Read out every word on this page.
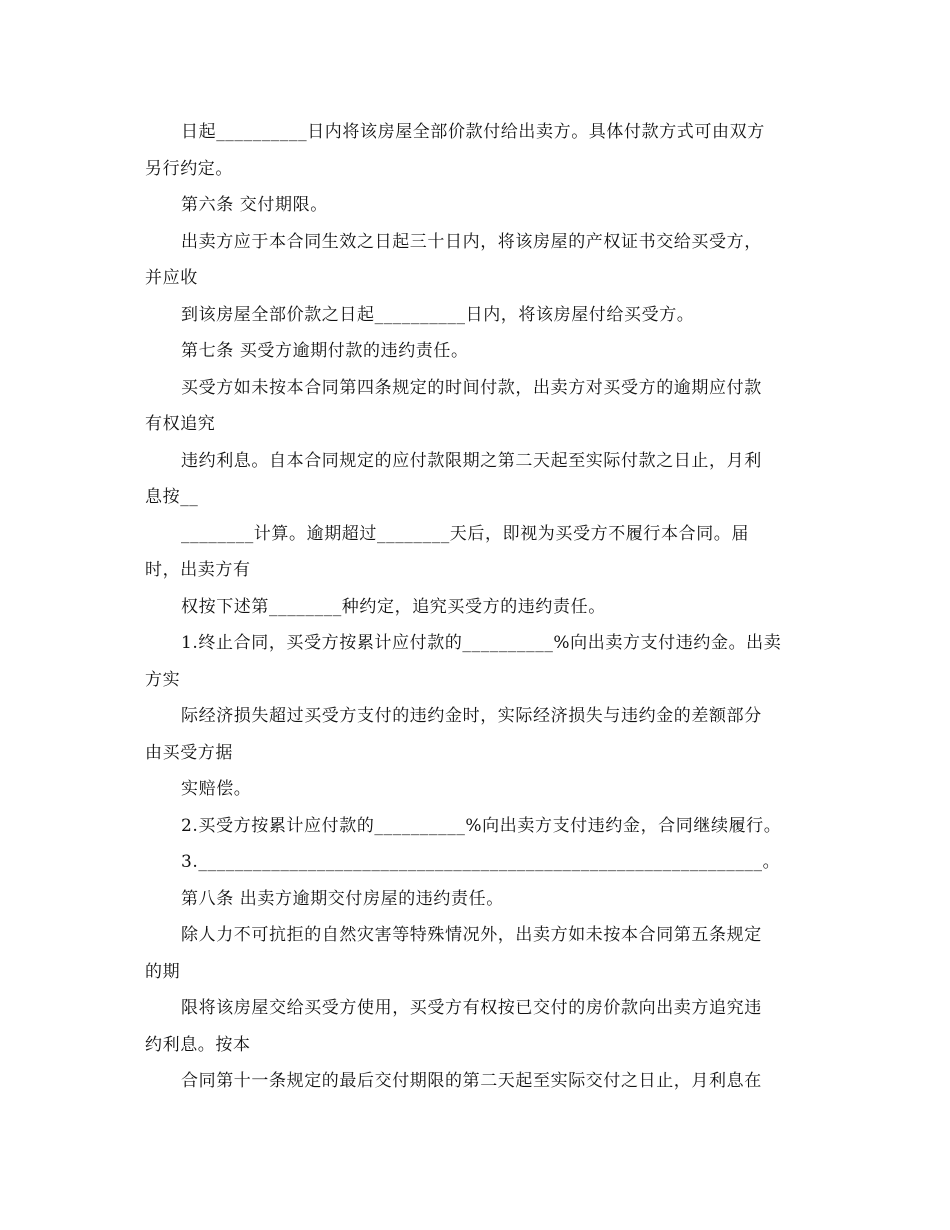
日起__________日内将该房屋全部价款付给出卖方。具体付款方式可由双方
另行约定。
第六条 交付期限。
出卖方应于本合同生效之日起三十日内，将该房屋的产权证书交给买受方，
并应收
到该房屋全部价款之日起__________日内，将该房屋付给买受方。
第七条 买受方逾期付款的违约责任。
买受方如未按本合同第四条规定的时间付款，出卖方对买受方的逾期应付款
有权追究
违约利息。自本合同规定的应付款限期之第二天起至实际付款之日止，月利
息按__
________计算。逾期超过________天后，即视为买受方不履行本合同。届
时，出卖方有
权按下述第________种约定，追究买受方的违约责任。
1.终止合同，买受方按累计应付款的__________%向出卖方支付违约金。出卖
方实
际经济损失超过买受方支付的违约金时，实际经济损失与违约金的差额部分
由买受方据
实赔偿。
2.买受方按累计应付款的__________%向出卖方支付违约金，合同继续履行。
3.______________________________________________________________。
第八条 出卖方逾期交付房屋的违约责任。
除人力不可抗拒的自然灾害等特殊情况外，出卖方如未按本合同第五条规定
的期
限将该房屋交给买受方使用，买受方有权按已交付的房价款向出卖方追究违
约利息。按本
合同第十一条规定的最后交付期限的第二天起至实际交付之日止，月利息在
